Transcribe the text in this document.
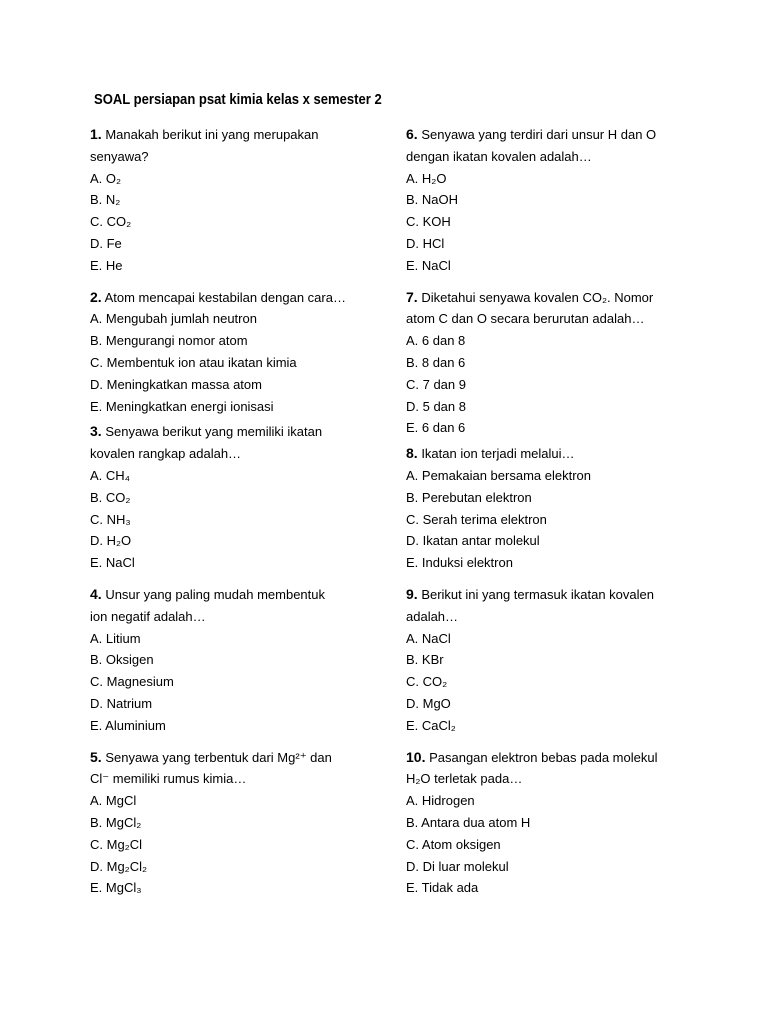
SOAL persiapan psat kimia kelas x semester 2
1. Manakah berikut ini yang merupakan
senyawa?
A. O₂
B. N₂
C. CO₂
D. Fe
E. He
2. Atom mencapai kestabilan dengan cara…
A. Mengubah jumlah neutron
B. Mengurangi nomor atom
C. Membentuk ion atau ikatan kimia
D. Meningkatkan massa atom
E. Meningkatkan energi ionisasi
3. Senyawa berikut yang memiliki ikatan
kovalen rangkap adalah…
A. CH₄
B. CO₂
C. NH₃
D. H₂O
E. NaCl
4. Unsur yang paling mudah membentuk
ion negatif adalah…
A. Litium
B. Oksigen
C. Magnesium
D. Natrium
E. Aluminium
5. Senyawa yang terbentuk dari Mg²⁺ dan
Cl⁻ memiliki rumus kimia…
A. MgCl
B. MgCl₂
C. Mg₂Cl
D. Mg₂Cl₂
E. MgCl₃
6. Senyawa yang terdiri dari unsur H dan O
dengan ikatan kovalen adalah…
A. H₂O
B. NaOH
C. KOH
D. HCl
E. NaCl
7. Diketahui senyawa kovalen CO₂. Nomor
atom C dan O secara berurutan adalah…
A. 6 dan 8
B. 8 dan 6
C. 7 dan 9
D. 5 dan 8
E. 6 dan 6
8. Ikatan ion terjadi melalui…
A. Pemakaian bersama elektron
B. Perebutan elektron
C. Serah terima elektron
D. Ikatan antar molekul
E. Induksi elektron
9. Berikut ini yang termasuk ikatan kovalen
adalah…
A. NaCl
B. KBr
C. CO₂
D. MgO
E. CaCl₂
10. Pasangan elektron bebas pada molekul
H₂O terletak pada…
A. Hidrogen
B. Antara dua atom H
C. Atom oksigen
D. Di luar molekul
E. Tidak ada
